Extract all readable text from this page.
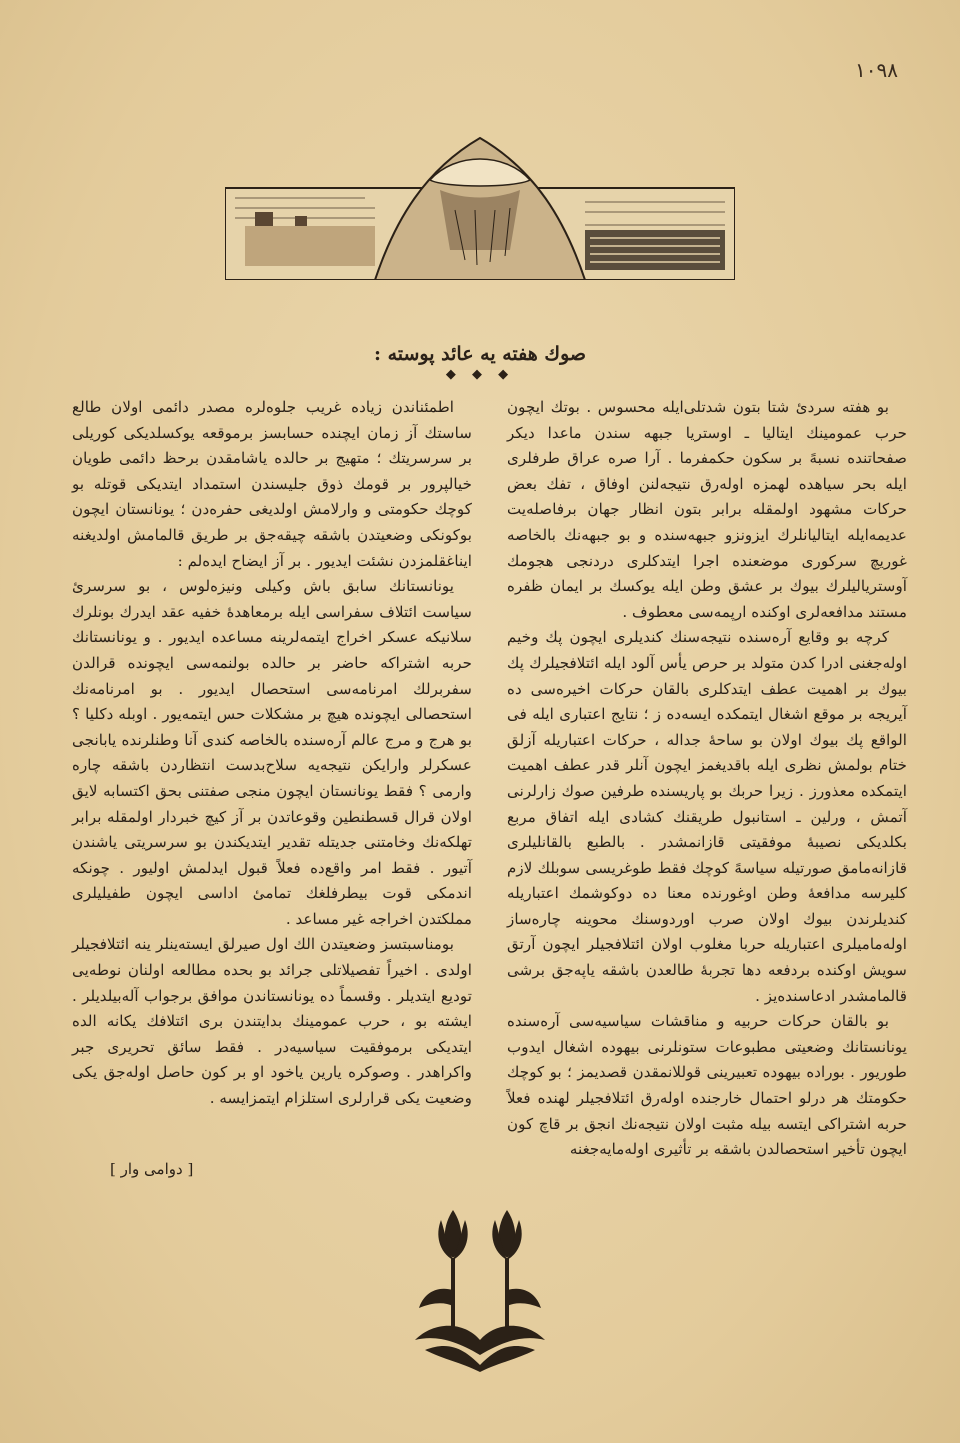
١٠٩٨
صوك هفته يه عائد پوسته :
◆ ◆ ◆

بو هفته سردیٔ شتا بتون شدتلی‌ایله محسوس . بوتك ایچون حرب عمومینك ایتالیا ـ اوستریا جبهه سندن ماعدا دیكر صفحاتنده نسبهً بر سكون حكمفرما . آرا صره عراق طرفلری ایله بحر سیاهده لهمزه اوله‌رق نتیجه‌لنن اوفاق ، تفك بعض حركات مشهود اولمقله برابر بتون انظار جهان برفاصله‌یت عدیمه‌ایله ایتالیانلرك ایزونزو جبهه‌سنده و بو جبهه‌نك بالخاصه غوریچ سركوری موضعنده اجرا ایتدكلری دردنجی هجومك آوستریالیلرك بیوك بر عشق وطن ایله یوكسك بر ایمان ظفره مستند مدافعه‌لری اوكنده ارپمه‌سی معطوف .

كرچه بو وقایع آره‌سنده نتیجه‌سنك كندیلری ایچون پك وخیم اوله‌جغنی ادرا كدن متولد بر حرص یأس آلود ایله ائتلافجیلرك پك بیوك بر اهمیت عطف ایتدكلری بالقان حركات اخیره‌سی ده آیریجه بر موقع اشغال ایتمكده ایسه‌ده ز ؛ نتایج اعتباری ایله فی الواقع پك بیوك اولان بو ساحهٔ جداله ، حركات اعتباریله آزلق ختام بولمش نظری ایله باقدیغمز ایچون آنلر قدر عطف اهمیت ایتمكده معذورز . زیرا حربك بو پاریسنده طرفین صوك زارلرنی آتمش ، ورلین ـ استانبول طریقنك كشادی ایله اتفاق مربع بكلدیكی نصیبهٔ موفقیتی قازانمشدر . بالطبع بالقانلیلری قازانه‌مامق صورتیله سیاسهً كوچك فقط طوغریسی سوبلك لازم كلیرسه مدافعهٔ وطن اوغورنده معنا ده دوكوشمك اعتباریله كندیلرندن بیوك اولان صرب اوردوسنك محوینه چاره‌ساز اوله‌مامیلری اعتباریله حربا مغلوب اولان ائتلافجیلر ایچون آرتق سویش اوكنده بردفعه دها تجربهٔ طالعدن باشقه یاپه‌جق برشی قالمامشدر ادعاسنده‌یز .

بو بالقان حركات حربیه و مناقشات سیاسیه‌سی آره‌سنده یونانستانك وضعیتی مطبوعات ستونلرنی بیهوده اشغال ایدوب طوریور . بوراده بیهوده تعبیرینی قوللانمقدن قصدیمز ؛ بو كوچك حكومتك هر درلو احتمال خارجنده اوله‌رق ائتلافجیلر لهنده فعلاً حربه اشتراكی ایتسه بیله مثبت اولان نتیجه‌نك انجق بر قاچ كون ایچون تأخیر استحصالدن باشقه بر تأثیری اوله‌مایه‌جغنه

اطمئناندن زیاده غریب جلوه‌لره مصدر دائمی اولان طالع ساستك آز زمان ایچنده حسابسز برموقعه یوكسلدیكی كوریلی بر سرسریتك ؛ متهیج بر حالده یاشامقدن برحظ دائمی طویان خیالپرور بر قومك ذوق جلیسندن استمداد ایتدیكی قوتله بو كوچك حكومتی و وارلامش اولدیغی حفره‌دن ؛ یونانستان ایچون بوكونكی وضعیتدن باشقه چیقه‌جق بر طریق قالمامش اولدیغنه ایناغقلمزدن نشئت ایدیور . بر آز ایضاح ایده‌لم :

یونانستانك سابق باش وكیلی ونیزه‌لوس ، بو سرسریٔ سیاست ائتلاف سفراسی ایله برمعاهدهٔ خفیه عقد ایدرك بونلرك سلانیكه عسكر اخراج ایتمه‌لرینه مساعده ایدیور . و یونانستانك حربه اشتراكه حاضر بر حالده بولنمه‌سی ایچونده قرالدن سفربرلك امرنامه‌سی استحصال ایدیور . بو امرنامه‌نك استحصالی ایچونده هیچ بر مشكلات حس ایتمه‌یور . اوبله دكلیا ؟ بو هرج و مرج عالم آره‌سنده بالخاصه كندی آنا وطنلرنده یابانجی عسكرلر وارایكن نتیجه‌یه سلاح‌بدست انتظاردن باشقه چاره وارمی ؟ فقط یونانستان ایچون منجی صفتنی بحق اكتسابه لایق اولان قرال قسطنطین وقوعاتدن بر آز كیچ خبردار اولمقله برابر تهلكه‌نك وخامتنی جدیتله تقدیر ایتدیكندن بو سرسریتی یاشندن آتیور . فقط امر واقع‌ده فعلاً قبول ایدلمش اولیور . چونكه اندمكی قوت بیطرفلغك تمامیٔ اداسی ایچون طفیلیلری مملكتدن اخراجه غیر مساعد .

بومناسبتسز وضعیتدن الك اول صیرلق ایسته‌ینلر ینه ائتلافجیلر اولدی . اخیراً تفصیلاتلی جرائد بو بحده مطالعه اولنان نوطه‌یی تودیع ایتدیلر . وقسماً ده یونانستاندن موافق برجواب آله‌بیلدیلر . ایشته بو ، حرب عمومینك بدایتندن بری ائتلافك یكانه الده ایتدیكی برموفقیت سیاسیه‌در . فقط سائق تحریری جبر واكراهدر . وصوكره یارین یاخود او بر كون حاصل اوله‌جق یكی وضعیت یكی قرارلری استلزام ایتمزایسه .

[ دوامی وار ]
